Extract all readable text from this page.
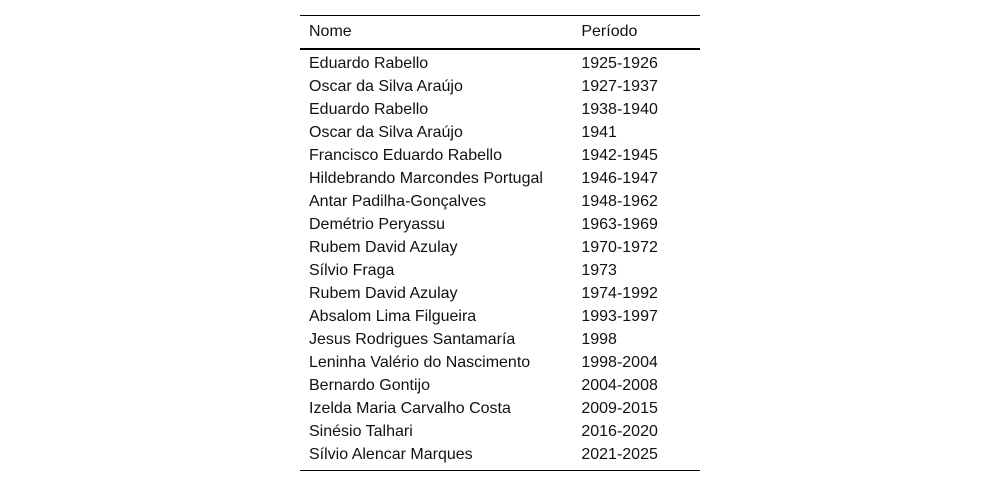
Nome	Período
Eduardo Rabello	1925-1926
Oscar da Silva Araújo	1927-1937
Eduardo Rabello	1938-1940
Oscar da Silva Araújo	1941
Francisco Eduardo Rabello	1942-1945
Hildebrando Marcondes Portugal	1946-1947
Antar Padilha-Gonçalves	1948-1962
Demétrio Peryassu	1963-1969
Rubem David Azulay	1970-1972
Sílvio Fraga	1973
Rubem David Azulay	1974-1992
Absalom Lima Filgueira	1993-1997
Jesus Rodrigues Santamaría	1998
Leninha Valério do Nascimento	1998-2004
Bernardo Gontijo	2004-2008
Izelda Maria Carvalho Costa	2009-2015
Sinésio Talhari	2016-2020
Sílvio Alencar Marques	2021-2025
